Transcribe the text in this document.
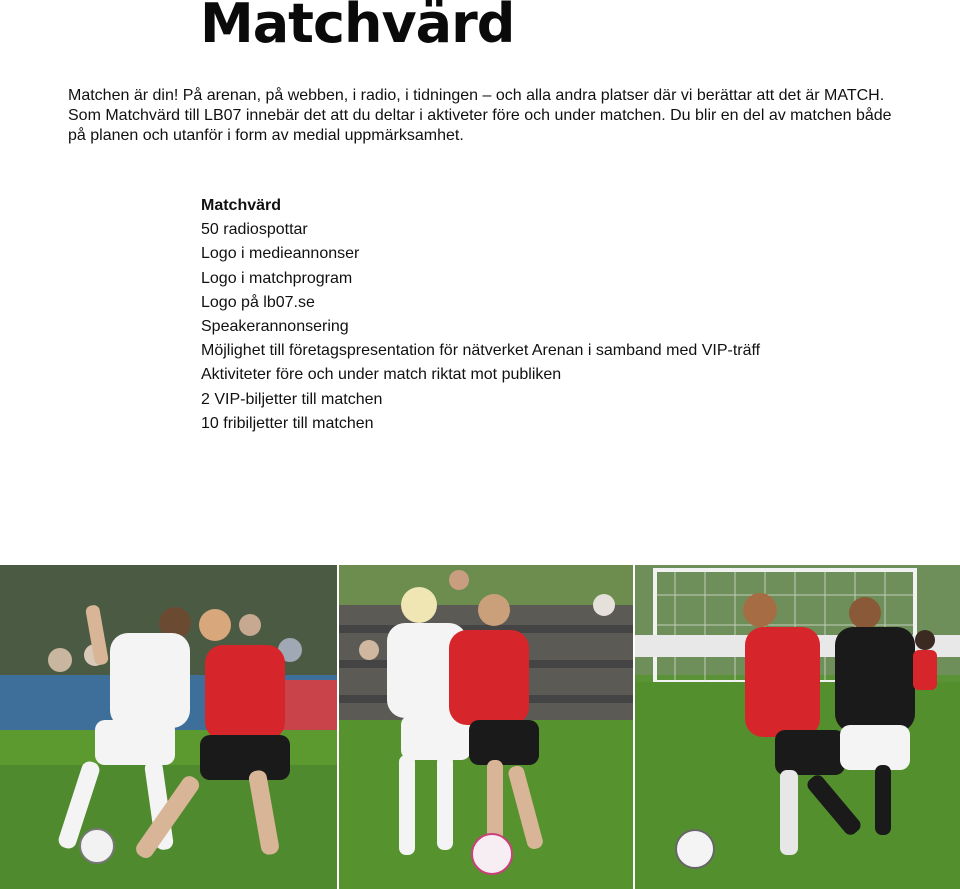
Matchvärd

Matchen är din! På arenan, på webben, i radio, i tidningen – och alla andra platser där vi berättar att det är MATCH.

Som Matchvärd till LB07 innebär det att du deltar i aktiveter före och under matchen. Du blir en del av matchen både

på planen och utanför i form av medial uppmärksamhet.

Matchvärd
50 radiospottar
Logo i medieannonser
Logo i matchprogram
Logo på lb07.se
Speakerannonsering
Möjlighet till företagspresentation för nätverket Arenan i samband med VIP-träff
Aktiviteter före och under match riktat mot publiken
2 VIP-biljetter till matchen
10 fribiljetter till matchen
